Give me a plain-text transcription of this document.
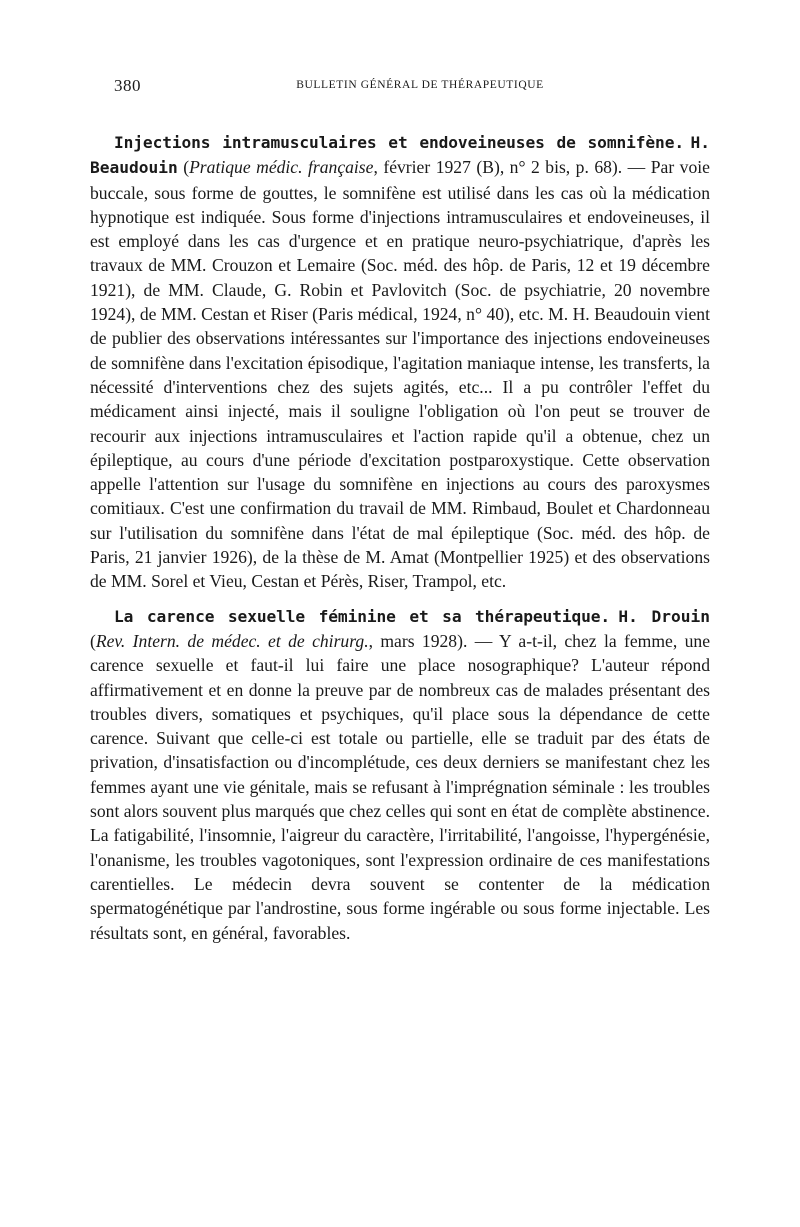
380	BULLETIN GÉNÉRAL DE THÉRAPEUTIQUE

Injections intramusculaires et endoveineuses de somnifène. H. Beaudouin (Pratique médic. française, février 1927 (B), n° 2 bis, p. 68). — Par voie buccale, sous forme de gouttes, le somnifène est utilisé dans les cas où la médication hypnotique est indiquée. Sous forme d'injections intramusculaires et endoveineuses, il est employé dans les cas d'urgence et en pratique neuro-psychiatrique, d'après les travaux de MM. Crouzon et Lemaire (Soc. méd. des hôp. de Paris, 12 et 19 décembre 1921), de MM. Claude, G. Robin et Pavlovitch (Soc. de psychiatrie, 20 novembre 1924), de MM. Cestan et Riser (Paris médical, 1924, n° 40), etc. M. H. Beaudouin vient de publier des observations intéressantes sur l'importance des injections endoveineuses de somnifène dans l'excitation épisodique, l'agitation maniaque intense, les transferts, la nécessité d'interventions chez des sujets agités, etc... Il a pu contrôler l'effet du médicament ainsi injecté, mais il souligne l'obligation où l'on peut se trouver de recourir aux injections intramusculaires et l'action rapide qu'il a obtenue, chez un épileptique, au cours d'une période d'excitation postparoxystique. Cette observation appelle l'attention sur l'usage du somnifène en injections au cours des paroxysmes comitiaux. C'est une confirmation du travail de MM. Rimbaud, Boulet et Chardonneau sur l'utilisation du somnifène dans l'état de mal épileptique (Soc. méd. des hôp. de Paris, 21 janvier 1926), de la thèse de M. Amat (Montpellier 1925) et des observations de MM. Sorel et Vieu, Cestan et Pérès, Riser, Trampol, etc.

La carence sexuelle féminine et sa thérapeutique. H. Drouin (Rev. Intern. de médec. et de chirurg., mars 1928). — Y a-t-il, chez la femme, une carence sexuelle et faut-il lui faire une place nosographique? L'auteur répond affirmativement et en donne la preuve par de nombreux cas de malades présentant des troubles divers, somatiques et psychiques, qu'il place sous la dépendance de cette carence. Suivant que celle-ci est totale ou partielle, elle se traduit par des états de privation, d'insatisfaction ou d'incomplétude, ces deux derniers se manifestant chez les femmes ayant une vie génitale, mais se refusant à l'imprégnation séminale : les troubles sont alors souvent plus marqués que chez celles qui sont en état de complète abstinence. La fatigabilité, l'insomnie, l'aigreur du caractère, l'irritabilité, l'angoisse, l'hypergénésie, l'onanisme, les troubles vagotoniques, sont l'expression ordinaire de ces manifestations carentielles. Le médecin devra souvent se contenter de la médication spermatogénétique par l'androstine, sous forme ingérable ou sous forme injectable. Les résultats sont, en général, favorables.
